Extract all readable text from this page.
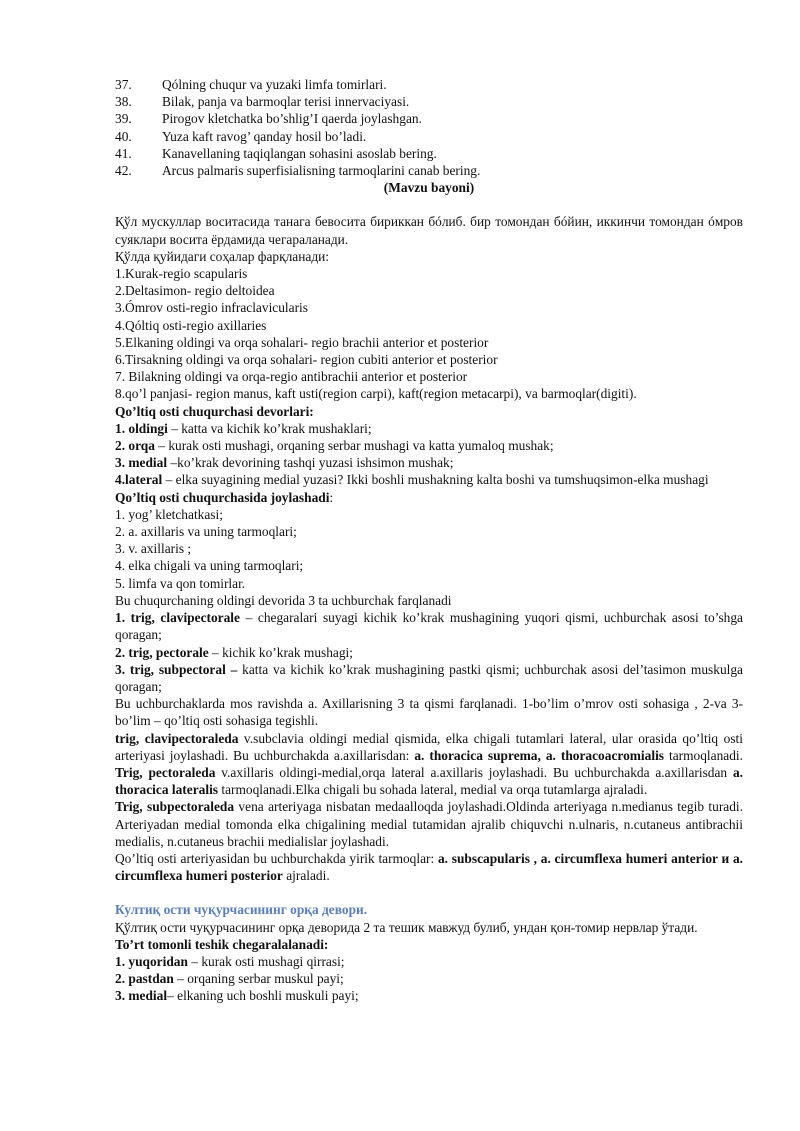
37.	Qólning chuqur va yuzaki limfa tomirlari.
38.	Bilak, panja va barmoqlar terisi innervaciyasi.
39.	Pirogov kletchatka bo’shlig’I qaerda joylashgan.
40.	Yuza kaft ravog’ qanday hosil bo’ladi.
41.	Kanavellaning taqiqlangan sohasini asoslab bering.
42.	Arcus palmaris superfisialisning tarmoqlarini canab bering.

(Mavzu bayoni)

Қўл мускуллар воситасида танага бевосита бириккан бóлиб. бир томондан бóйин, иккинчи томондан óмров суяклари восита ёрдамида чегараланади.

Қўлда қуйидаги соҳалар фарқланади:

1.Kurak-regio scapularis

2.Deltasimon- regio deltoidea

3.Ómrov osti-regio infraclavicularis

4.Qóltiq osti-regio axillaries

5.Elkaning oldingi va orqa sohalari- regio brachii anterior et posterior

6.Tirsakning oldingi va orqa sohalari- region cubiti anterior et posterior

7. Bilakning oldingi va orqa-regio antibrachii anterior et posterior

8.qo’l panjasi- region manus, kaft usti(region carpi), kaft(region metacarpi), va barmoqlar(digiti).

Qo’ltiq osti chuqurchasi devorlari:

1. oldingi – katta va kichik ko’krak mushaklari;

2. orqa – kurak osti mushagi, orqaning serbar mushagi va katta yumaloq mushak;

3. medial –ko’krak devorining tashqi yuzasi ishsimon mushak;

4.lateral – elka suyagining medial yuzasi? Ikki boshli mushakning kalta boshi va tumshuqsimon-elka mushagi

Qo’ltiq osti chuqurchasida joylashadi:

1. yog’ kletchatkasi;

2. a. axillaris va uning tarmoqlari;

3. v. axillaris ;

4. elka chigali va uning tarmoqlari;

5. limfa va qon tomirlar.

Bu chuqurchaning oldingi devorida 3 ta uchburchak farqlanadi

1. trig, clavipectorale – chegaralari suyagi kichik ko’krak mushagining yuqori qismi, uchburchak asosi to’shga qoragan;

2. trig, pectorale – kichik ko’krak mushagi;

3. trig, subpectoral – katta va kichik ko’krak mushagining pastki qismi; uchburchak asosi del’tasimon muskulga qoragan;

Bu uchburchaklarda mos ravishda a. Axillarisning 3 ta qismi farqlanadi. 1-bo’lim o’mrov osti sohasiga , 2-va 3-bo’lim – qo’ltiq osti sohasiga tegishli.

trig, clavipectoraleda v.subclavia oldingi medial qismida, elka chigali tutamlari lateral, ular orasida qo’ltiq osti arteriyasi joylashadi. Bu uchburchakda a.axillarisdan: a. thoracica suprema, a. thoracoacromialis tarmoqlanadi. Trig, pectoraleda v.axillaris oldingi-medial,orqa lateral a.axillaris joylashadi. Bu uchburchakda a.axillarisdan a. thoracica lateralis tarmoqlanadi.Elka chigali bu sohada lateral, medial va orqa tutamlarga ajraladi.

Trig, subpectoraleda vena arteriyaga nisbatan medaalloqda joylashadi.Oldinda arteriyaga n.medianus tegib turadi. Arteriyadan medial tomonda elka chigalining medial tutamidan ajralib chiquvchi n.ulnaris, n.cutaneus antibrachii medialis, n.cutaneus brachii medialislar joylashadi.

Qo’ltiq osti arteriyasidan bu uchburchakda yirik tarmoqlar: a. subscapularis , a. circumflexa humeri anterior и a. circumflexa humeri posterior ajraladi.

Култиқ ости чуқурчасининг орқа девори.

Қўлтиқ ости чуқурчасининг орқа деворида 2 та тешик мавжуд булиб, ундан қон-томир нервлар ўтади.

To’rt tomonli teshik chegaralalanadi:

1. yuqoridan – kurak osti mushagi qirrasi;

2. pastdan – orqaning serbar muskul payi;

3. medial– elkaning uch boshli muskuli payi;
